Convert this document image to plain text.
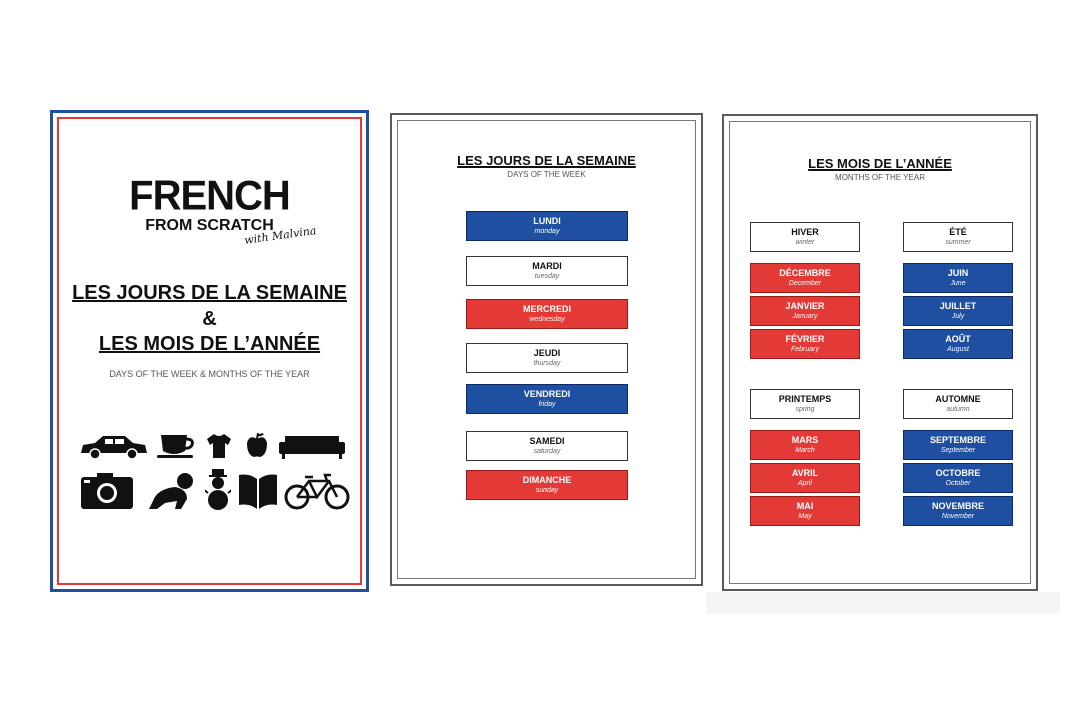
FRENCH
FROM SCRATCH
with Malvina
LES JOURS DE LA SEMAINE
&
LES MOIS DE L’ANNÉE
DAYS OF THE WEEK & MONTHS OF THE YEAR
LES JOURS DE LA SEMAINE
DAYS OF THE WEEK
LUNDI
monday
MARDI
tuesday
MERCREDI
wednesday
JEUDI
thursday
VENDREDI
friday
SAMEDI
saturday
DIMANCHE
sunday
LES MOIS DE L’ANNÉE
MONTHS OF THE YEAR
HIVER
winter
DÉCEMBRE
December
JANVIER
January
FÉVRIER
February
ÉTÉ
summer
JUIN
June
JUILLET
July
AOÛT
August
PRINTEMPS
spring
MARS
March
AVRIL
April
MAI
May
AUTOMNE
autumn
SEPTEMBRE
September
OCTOBRE
October
NOVEMBRE
November
